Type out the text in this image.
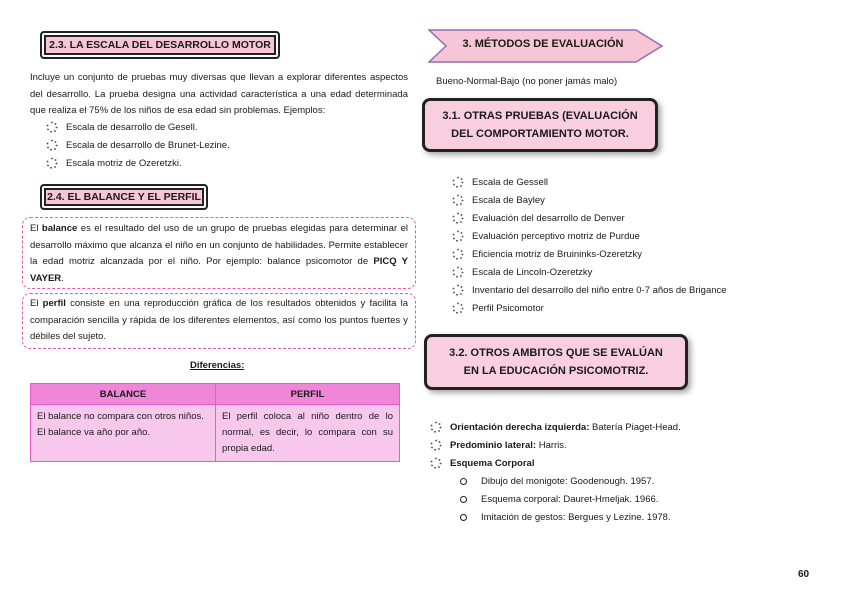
2.3. LA ESCALA DEL DESARROLLO MOTOR
Incluye un conjunto de pruebas muy diversas que llevan a explorar diferentes aspectos del desarrollo. La prueba designa una actividad característica a una edad determinada que realiza el 75% de los niños de esa edad sin problemas. Ejemplos:
Escala de desarrollo de Gesell.
Escala de desarrollo de Brunet-Lezine.
Escala motriz de Ozeretzki.
2.4. EL BALANCE Y EL PERFIL
El balance es el resultado del uso de un grupo de pruebas elegidas para determinar el desarrollo máximo que alcanza el niño en un conjunto de habilidades. Permite establecer la edad motriz alcanzada por el niño. Por ejemplo: balance psicomotor de PICQ Y VAYER.
El perfil consiste en una reproducción gráfica de los resultados obtenidos y facilita la comparación sencilla y rápida de los diferentes elementos, así como los puntos fuertes y débiles del sujeto.
Diferencias:
BALANCE	PERFIL
El balance no compara con otros niños. El balance va año por año.	El perfil coloca al niño dentro de lo normal, es decir, lo compara con su propia edad.
3. MÉTODOS DE EVALUACIÓN
Bueno-Normal-Bajo (no poner jamás malo)
3.1. OTRAS PRUEBAS (EVALUACIÓN DEL COMPORTAMIENTO MOTOR.
Escala de Gessell
Escala de Bayley
Evaluación del desarrollo de Denver
Evaluación perceptivo motriz de Purdue
Eficiencia motriz de Bruininks-Ozeretzky
Escala de Lincoln-Ozeretzky
Inventario del desarrollo del niño entre 0-7 años de Brigance
Perfil Psicomotor
3.2. OTROS AMBITOS QUE SE EVALÚAN EN LA EDUCACIÓN PSICOMOTRIZ.
Orientación derecha izquierda: Batería Piaget-Head.
Predominio lateral: Harris.
Esquema Corporal
Dibujo del monigote: Goodenough. 1957.
Esquema corporal: Dauret-Hmeljak. 1966.
Imitación de gestos: Bergues y Lezine. 1978.
60
